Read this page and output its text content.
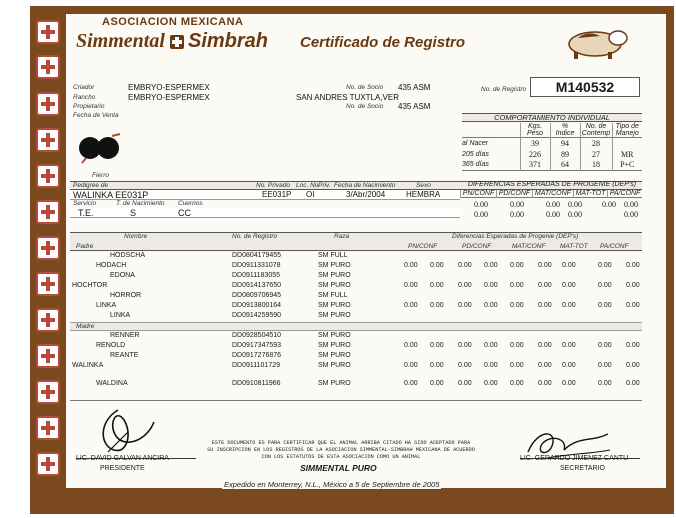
ASOCIACION MEXICANA
Simmental Simbrah Certificado de Registro
Criador	EMBRYO-ESPERMEX
Rancho	EMBRYO-ESPERMEX
Propietario
Fecha de Venta
No. de Socio 435 ASM
SAN ANDRES TUXTLA,VER
No. de Socio 435 ASM
No. de Registro	M140532
Fierro
COMPORTAMIENTO INDIVIDUAL
	Kgs.	%	No. de	Tipo de
	Peso	Indice	Contemp	Manejo
al Nacer	39	94	28	
205 días	226	89	27	MR
365 días	371	64	18	P+C
Pedigree de	No. Privado Loc. No.
Priv. Fecha de Nacimiento	Sexo
WALINKA EE031P	EE031P OI	3/Abr/2004	HEMBRA
Servicio	T. de Nacimiento Cuernos
T.E.	S	CC
DIFERENCIAS ESPERADAS DE PROGENIE (DEP's)
PN/CONF	PD/CONF	MAT/CONF	MAT-TOT	PA/CONF
0.00	0.00	0.00 0.00	0.00 0.00
0.00	0.00	0.00 0.00	0.00
Nombre	No. de Registro	Raza	Diferencias Esperadas de Progenie (DEP's)
Padre	PN/CONF	PD/CONF	MAT/CONF MAT-TOT PA/CONF
HODSCHA	DD0804179455	SM FULL
HODACH	DD0911331078	SM PURO	0.00 0.00 0.00 0.00 0.00 0.00 0.00	0.00 0.00
EDONA	DD0911183055	SM PURO
HOCHTOR	DD0914137650	SM PURO	0.00 0.00 0.00 0.00 0.00 0.00 0.00	0.00 0.00
HORROR	DD0809706945	SM FULL
LINKA	DD0913800164	SM PURO	0.00 0.00 0.00 0.00 0.00 0.00 0.00	0.00 0.00
LINKA	DD0914259590	SM PURO
Madre
RENNER	DD0928504510	SM PURO
RENOLD	DD0917347593	SM PURO	0.00 0.00 0.00 0.00 0.00 0.00 0.00	0.00 0.00
REANTE	DD0917276876	SM PURO
WALINKA	DD0911101729	SM PURO	0.00 0.00 0.00 0.00 0.00 0.00 0.00	0.00 0.00
WALDINA	DD0910811966	SM PURO	0.00 0.00 0.00 0.00 0.00 0.00 0.00	0.00 0.00
LIC. DAVID GALVAN ANCIRA
PRESIDENTE
ESTE DOCUMENTO ES PARA CERTIFICAR QUE EL ANIMAL ARRIBA CITADO HA SIDO ACEPTADO PARA
SU INSCRIPCION EN LOS REGISTROS DE LA ASOCIACION SIMMENTAL-SIMBRAH MEXICANA DE ACUERDO
CON LOS ESTATUTOS DE ESTA ASOCIACION COMO UN ANIMAL
SIMMENTAL PURO
LIC. GERARDO JIMENEZ CANTU
SECRETARIO
Expedido en Monterrey, N.L., México a 5 de Septiembre de 2005
